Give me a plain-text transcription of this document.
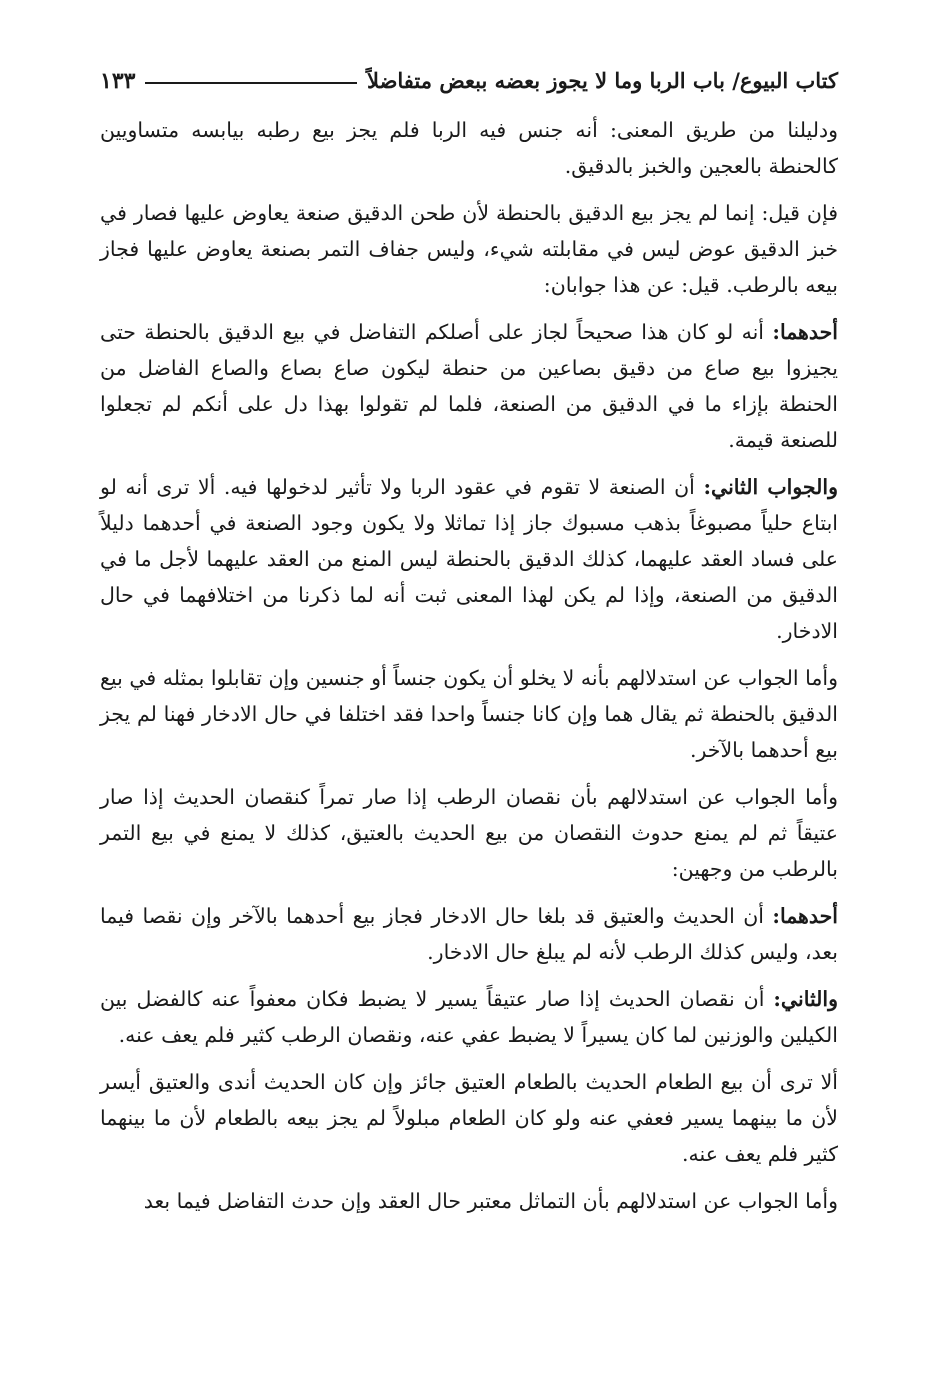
كتاب البيوع/ باب الربا وما لا يجوز بعضه ببعض متفاضلاً
١٣٣

ودليلنا من طريق المعنى: أنه جنس فيه الربا فلم يجز بيع رطبه بيابسه متساويين كالحنطة بالعجين والخبز بالدقيق.

فإن قيل: إنما لم يجز بيع الدقيق بالحنطة لأن طحن الدقيق صنعة يعاوض عليها فصار في خبز الدقيق عوض ليس في مقابلته شيء، وليس جفاف التمر بصنعة يعاوض عليها فجاز بيعه بالرطب. قيل: عن هذا جوابان:

أحدهما: أنه لو كان هذا صحيحاً لجاز على أصلكم التفاضل في بيع الدقيق بالحنطة حتى يجيزوا بيع صاع من دقيق بصاعين من حنطة ليكون صاع بصاع والصاع الفاضل من الحنطة بإزاء ما في الدقيق من الصنعة، فلما لم تقولوا بهذا دل على أنكم لم تجعلوا للصنعة قيمة.

والجواب الثاني: أن الصنعة لا تقوم في عقود الربا ولا تأثير لدخولها فيه. ألا ترى أنه لو ابتاع حلياً مصبوغاً بذهب مسبوك جاز إذا تماثلا ولا يكون وجود الصنعة في أحدهما دليلاً على فساد العقد عليهما، كذلك الدقيق بالحنطة ليس المنع من العقد عليهما لأجل ما في الدقيق من الصنعة، وإذا لم يكن لهذا المعنى ثبت أنه لما ذكرنا من اختلافهما في حال الادخار.

وأما الجواب عن استدلالهم بأنه لا يخلو أن يكون جنساً أو جنسين وإن تقابلوا بمثله في بيع الدقيق بالحنطة ثم يقال هما وإن كانا جنساً واحدا فقد اختلفا في حال الادخار فهنا لم يجز بيع أحدهما بالآخر.

وأما الجواب عن استدلالهم بأن نقصان الرطب إذا صار تمراً كنقصان الحديث إذا صار عتيقاً ثم لم يمنع حدوث النقصان من بيع الحديث بالعتيق، كذلك لا يمنع في بيع التمر بالرطب من وجهين:

أحدهما: أن الحديث والعتيق قد بلغا حال الادخار فجاز بيع أحدهما بالآخر وإن نقصا فيما بعد، وليس كذلك الرطب لأنه لم يبلغ حال الادخار.

والثاني: أن نقصان الحديث إذا صار عتيقاً يسير لا يضبط فكان معفواً عنه كالفضل بين الكيلين والوزنين لما كان يسيراً لا يضبط عفي عنه، ونقصان الرطب كثير فلم يعف عنه.

ألا ترى أن بيع الطعام الحديث بالطعام العتيق جائز وإن كان الحديث أندى والعتيق أيسر لأن ما بينهما يسير فعفي عنه ولو كان الطعام مبلولاً لم يجز بيعه بالطعام لأن ما بينهما كثير فلم يعف عنه.

وأما الجواب عن استدلالهم بأن التماثل معتبر حال العقد وإن حدث التفاضل فيما بعد
